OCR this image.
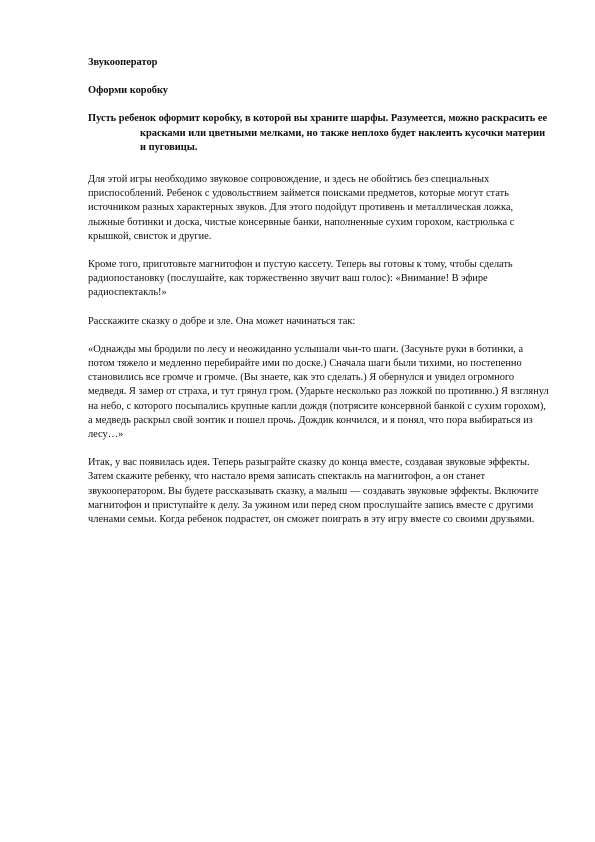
Звукооператор
Оформи коробку
Пусть ребенок оформит коробку, в которой вы храните шарфы. Разумеется, можно раскрасить ее красками или цветными мелками, но также неплохо будет наклеить кусочки материи и пуговицы.

Для этой игры необходимо звуковое сопровождение, и здесь не обойтись без специальных приспособлений. Ребенок с удовольствием займется поисками предметов, которые могут стать источником разных характерных звуков. Для этого подойдут противень и металлическая ложка, лыжные ботинки и доска, чистые консервные банки, наполненные сухим горохом, кастрюлька с крышкой, свисток и другие.

Кроме того, приготовьте магнитофон и пустую кассету. Теперь вы готовы к тому, чтобы сделать радиопостановку (послушайте, как торжественно звучит ваш голос): «Внимание! В эфире радиоспектакль!»

Расскажите сказку о добре и зле. Она может начинаться так:

«Однажды мы бродили по лесу и неожиданно услышали чьи-то шаги. (Засуньте руки в ботинки, а потом тяжело и медленно перебирайте ими по доске.) Сначала шаги были тихими, но постепенно становились все громче и громче. (Вы знаете, как это сделать.) Я обернулся и увидел огромного медведя. Я замер от страха, и тут грянул гром. (Ударьте несколько раз ложкой по противню.) Я взглянул на небо, с которого посыпались крупные капли дождя (потрясите консервной банкой с сухим горохом), а медведь раскрыл свой зонтик и пошел прочь. Дождик кончился, и я понял, что пора выбираться из лесу…»

Итак, у вас появилась идея. Теперь разыграйте сказку до конца вместе, создавая звуковые эффекты. Затем скажите ребенку, что настало время записать спектакль на магнитофон, а он станет звукооператором. Вы будете рассказывать сказку, а малыш — создавать звуковые эффекты. Включите магнитофон и приступайте к делу. За ужином или перед сном прослушайте запись вместе с другими членами семьи. Когда ребенок подрастет, он сможет поиграть в эту игру вместе со своими друзьями.
